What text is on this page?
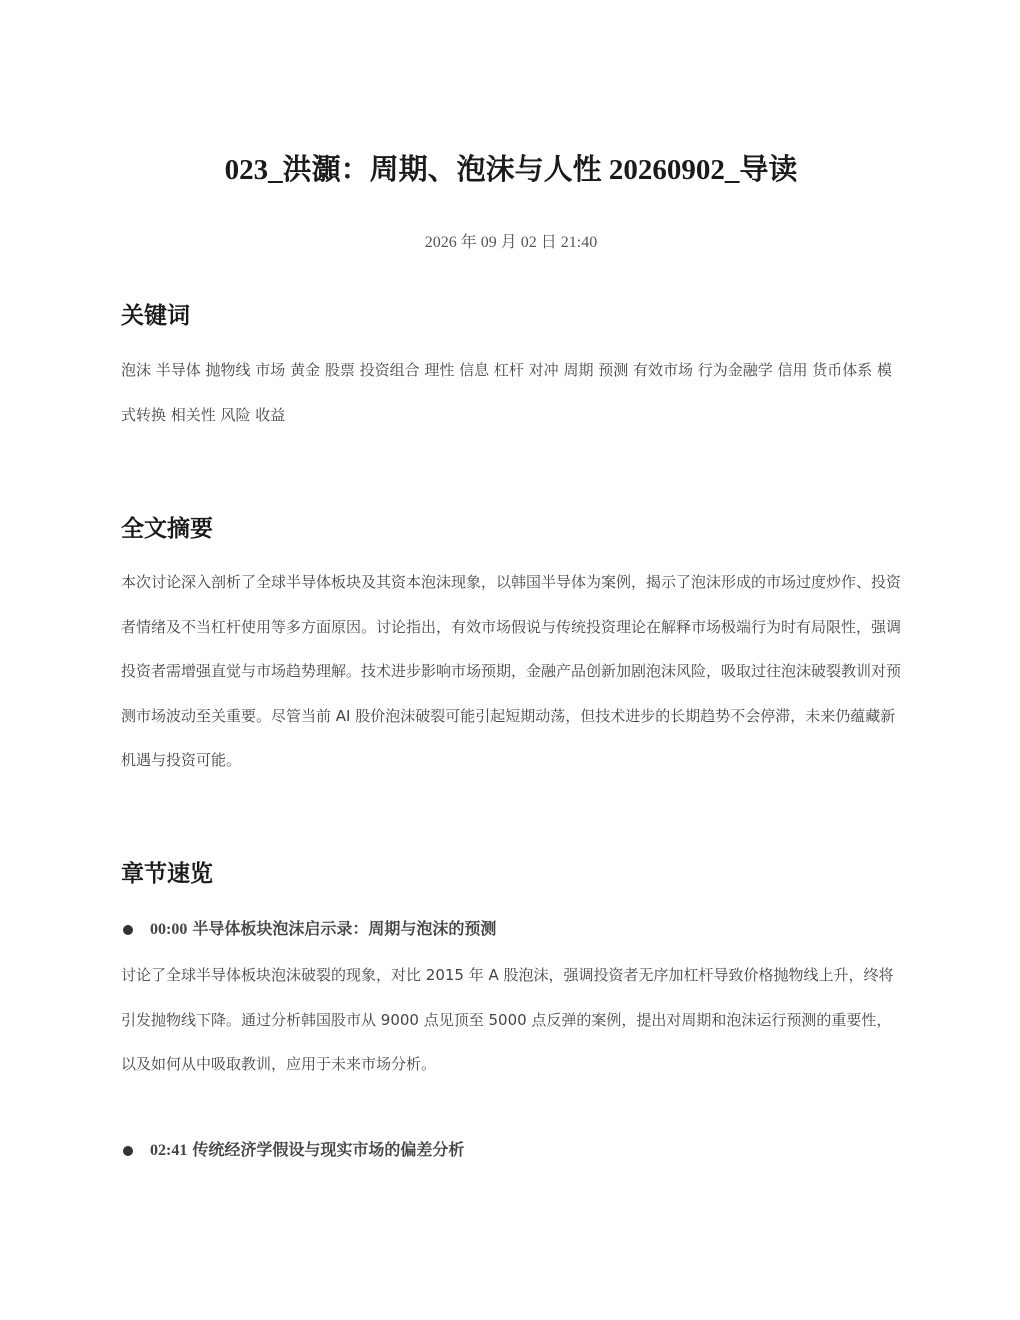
023_洪灝：周期、泡沫与人性 20260902_导读
2026 年 09 月 02 日 21:40
关键词

泡沫 半导体 抛物线 市场 黄金 股票 投资组合 理性 信息 杠杆 对冲 周期 预测 有效市场 行为金融学 信用 货币体系 模式转换 相关性 风险 收益

全文摘要

本次讨论深入剖析了全球半导体板块及其资本泡沫现象，以韩国半导体为案例，揭示了泡沫形成的市场过度炒作、投资者情绪及不当杠杆使用等多方面原因。讨论指出，有效市场假说与传统投资理论在解释市场极端行为时有局限性，强调投资者需增强直觉与市场趋势理解。技术进步影响市场预期，金融产品创新加剧泡沫风险，吸取过往泡沫破裂教训对预测市场波动至关重要。尽管当前 AI 股价泡沫破裂可能引起短期动荡，但技术进步的长期趋势不会停滞，未来仍蕴藏新机遇与投资可能。

章节速览
00:00 半导体板块泡沫启示录：周期与泡沫的预测

讨论了全球半导体板块泡沫破裂的现象，对比 2015 年 A 股泡沫，强调投资者无序加杠杆导致价格抛物线上升，终将引发抛物线下降。通过分析韩国股市从 9000 点见顶至 5000 点反弹的案例，提出对周期和泡沫运行预测的重要性，以及如何从中吸取教训，应用于未来市场分析。

02:41 传统经济学假设与现实市场的偏差分析
